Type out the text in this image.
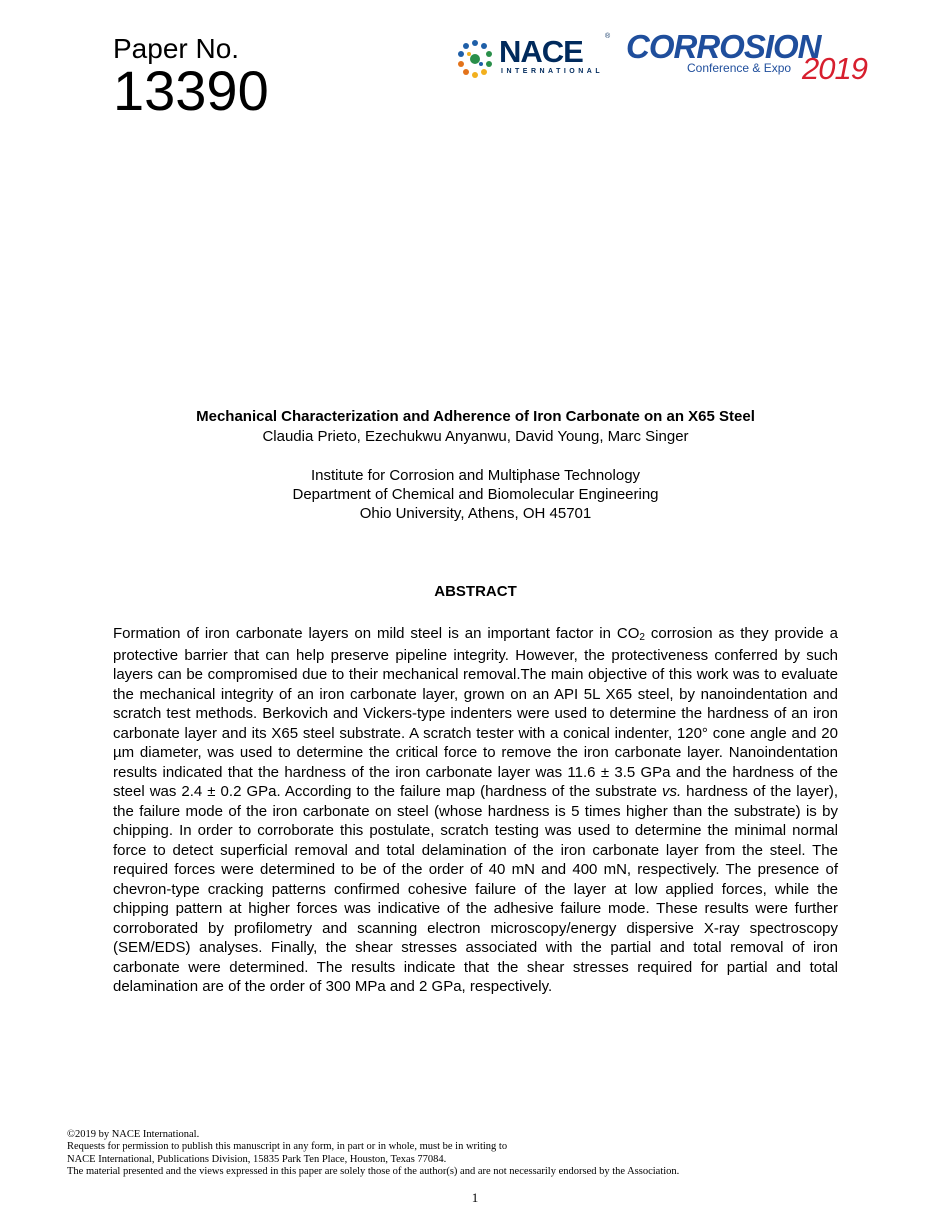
Paper No.
13390
NACE	®
INTERNATIONAL
CORROSION
Conference & Expo 2019
Mechanical Characterization and Adherence of Iron Carbonate on an X65 Steel
Claudia Prieto, Ezechukwu Anyanwu, David Young, Marc Singer
Institute for Corrosion and Multiphase Technology
Department of Chemical and Biomolecular Engineering
Ohio University, Athens, OH 45701
ABSTRACT
Formation of iron carbonate layers on mild steel is an important factor in $CO_2$ corrosion as they provide a protective barrier that can help preserve pipeline integrity. However, the protectiveness conferred by such layers can be compromised due to their mechanical removal.The main objective of this work was to evaluate the mechanical integrity of an iron carbonate layer, grown on an API 5L X65 steel, by nanoindentation and scratch test methods. Berkovich and Vickers-type indenters were used to determine the hardness of an iron carbonate layer and its X65 steel substrate. A scratch tester with a conical indenter, 120° cone angle and 20 µm diameter, was used to determine the critical force to remove the iron carbonate layer. Nanoindentation results indicated that the hardness of the iron carbonate layer was 11.6 ± 3.5 GPa and the hardness of the steel was 2.4 ± 0.2 GPa. According to the failure map (hardness of the substrate vs. hardness of the layer), the failure mode of the iron carbonate on steel (whose hardness is 5 times higher than the substrate) is by chipping. In order to corroborate this postulate, scratch testing was used to determine the minimal normal force to detect superficial removal and total delamination of the iron carbonate layer from the steel. The required forces were determined to be of the order of 40 mN and 400 mN, respectively. The presence of chevron-type cracking patterns confirmed cohesive failure of the layer at low applied forces, while the chipping pattern at higher forces was indicative of the adhesive failure mode. These results were further corroborated by profilometry and scanning electron microscopy/energy dispersive X-ray spectroscopy (SEM/EDS) analyses. Finally, the shear stresses associated with the partial and total removal of iron carbonate were determined. The results indicate that the shear stresses required for partial and total delamination are of the order of 300 MPa and 2 GPa, respectively.
©2019 by NACE International.
Requests for permission to publish this manuscript in any form, in part or in whole, must be in writing to
NACE International, Publications Division, 15835 Park Ten Place, Houston, Texas 77084.
The material presented and the views expressed in this paper are solely those of the author(s) and are not necessarily endorsed by the Association.
1
